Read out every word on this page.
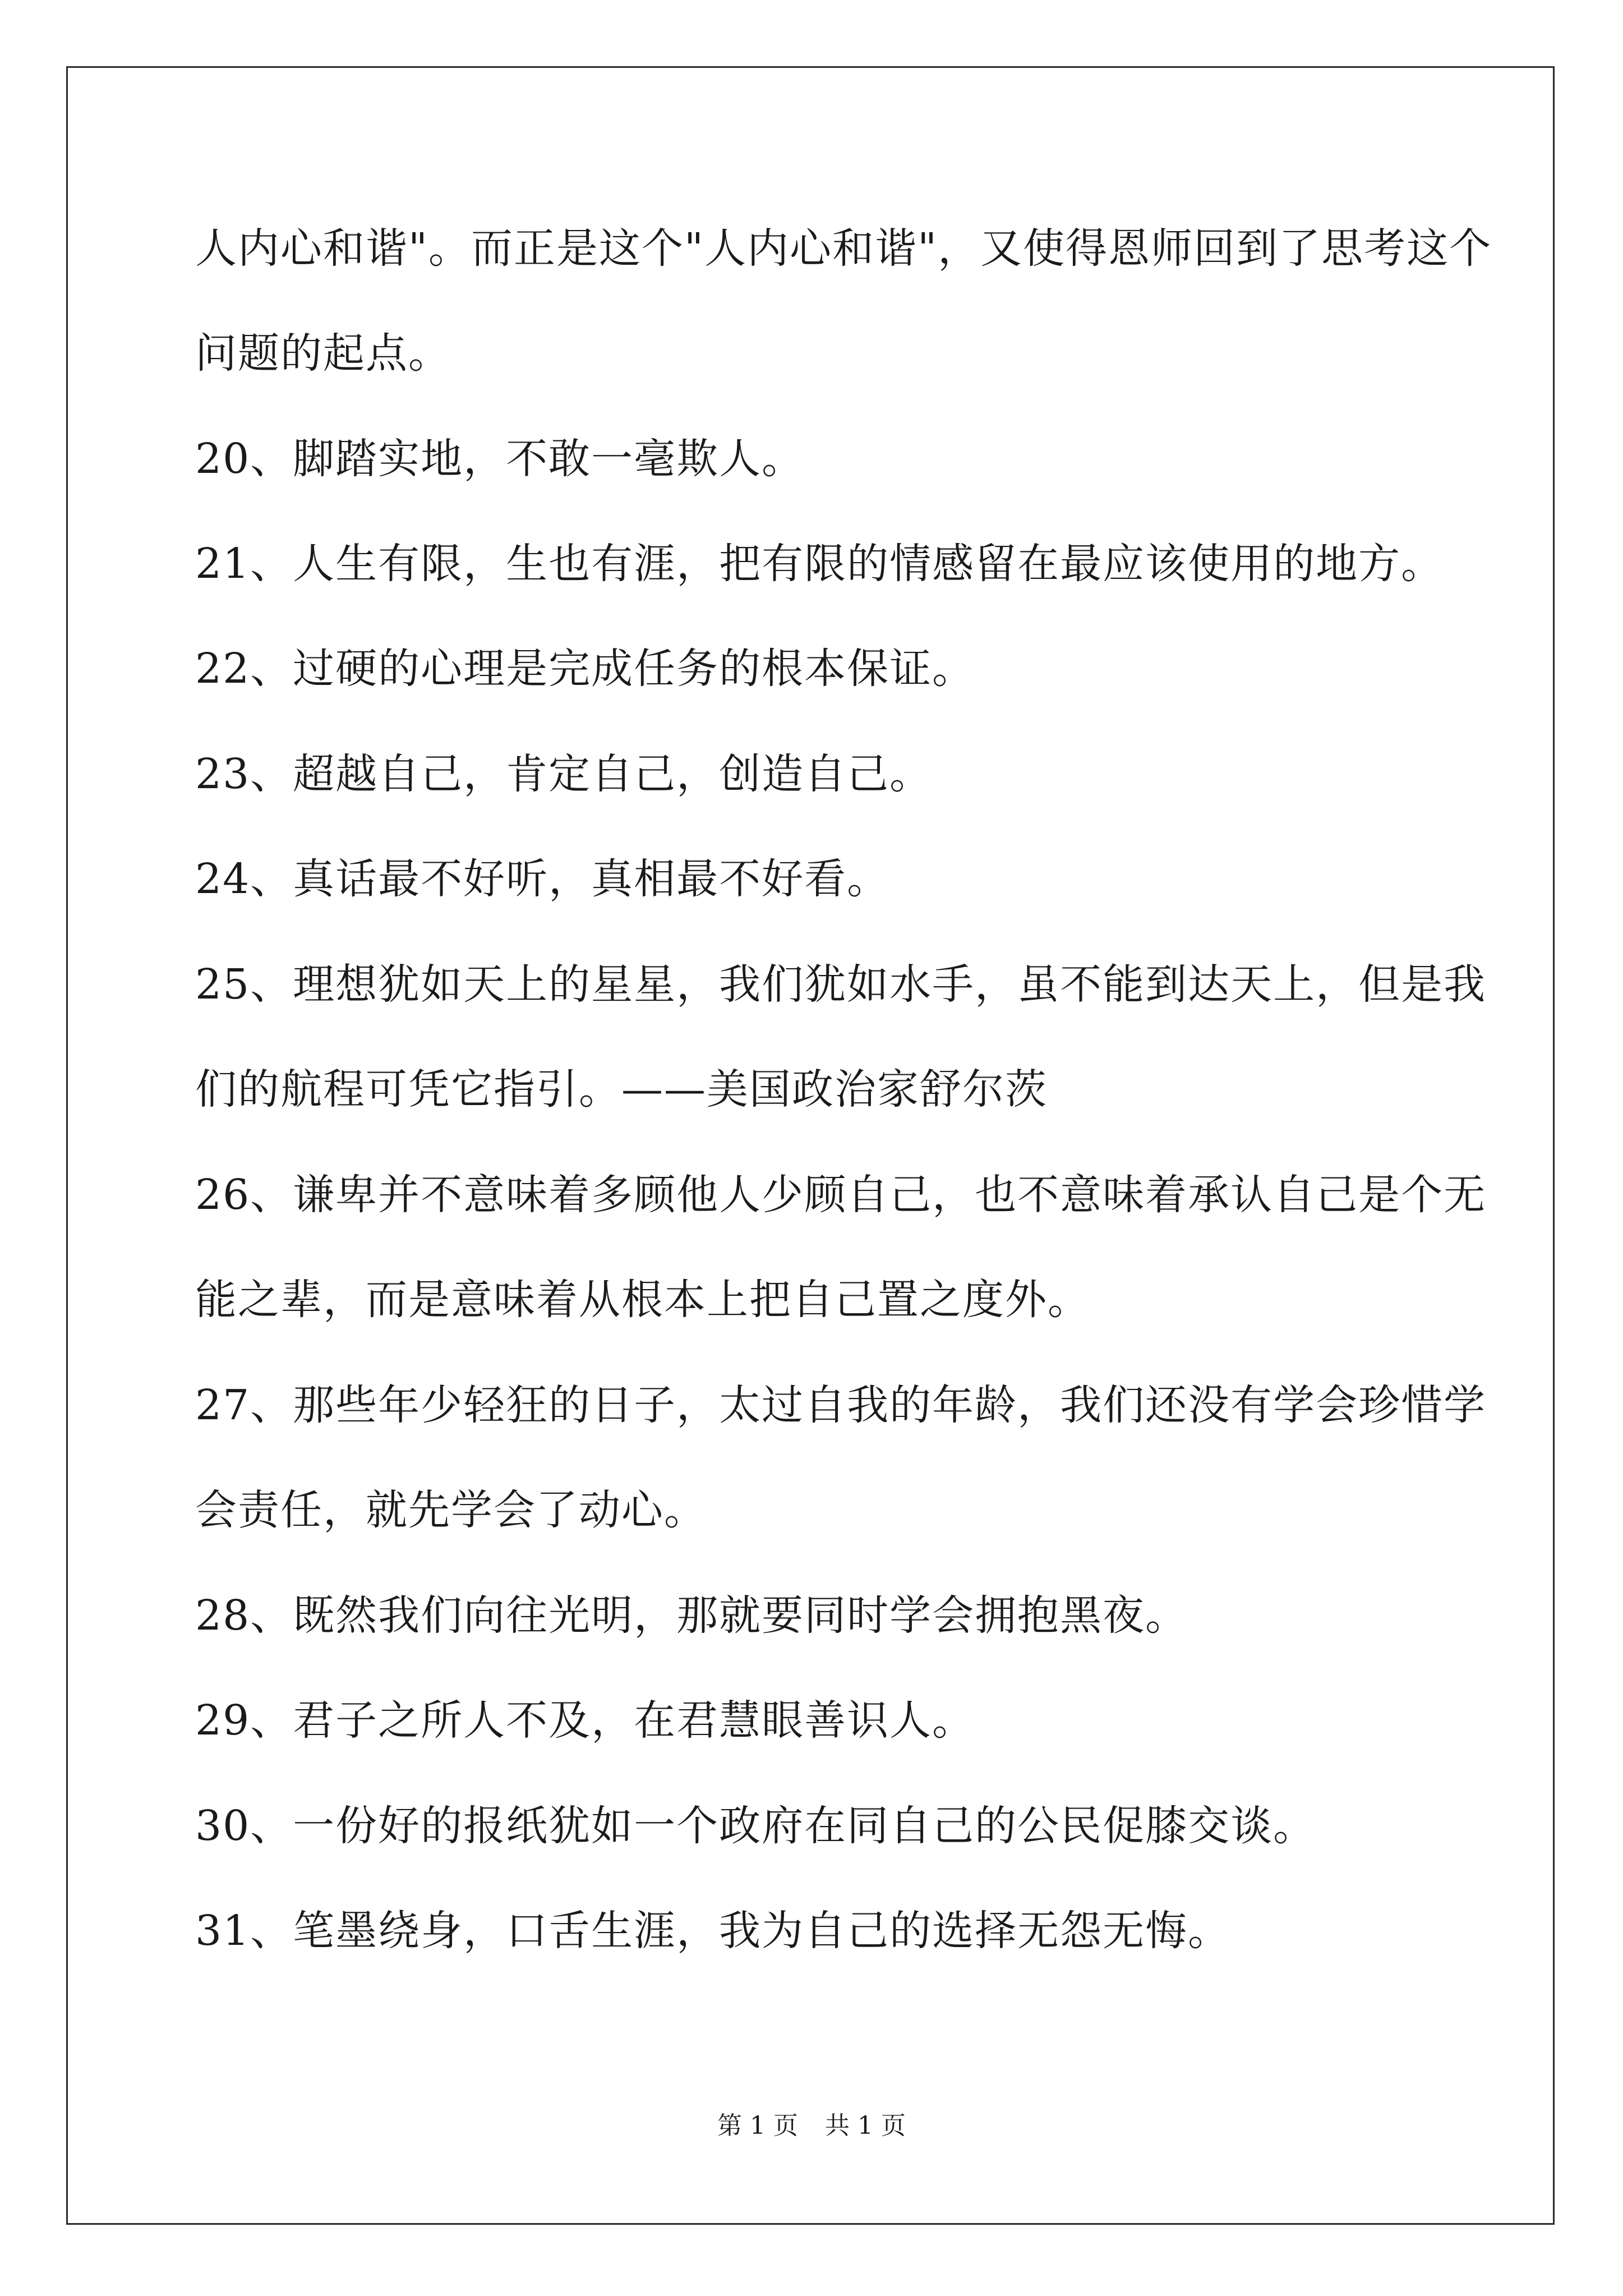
人内心和谐"。而正是这个"人内心和谐"，又使得恩师回到了思考这个
问题的起点。
20、脚踏实地，不敢一毫欺人。
21、人生有限，生也有涯，把有限的情感留在最应该使用的地方。
22、过硬的心理是完成任务的根本保证。
23、超越自己，肯定自己，创造自己。
24、真话最不好听，真相最不好看。
25、理想犹如天上的星星，我们犹如水手，虽不能到达天上，但是我
们的航程可凭它指引。——美国政治家舒尔茨
26、谦卑并不意味着多顾他人少顾自己，也不意味着承认自己是个无
能之辈，而是意味着从根本上把自己置之度外。
27、那些年少轻狂的日子，太过自我的年龄，我们还没有学会珍惜学
会责任，就先学会了动心。
28、既然我们向往光明，那就要同时学会拥抱黑夜。
29、君子之所人不及，在君慧眼善识人。
30、一份好的报纸犹如一个政府在同自己的公民促膝交谈。
31、笔墨绕身，口舌生涯，我为自己的选择无怨无悔。
第 1 页 共 1 页
